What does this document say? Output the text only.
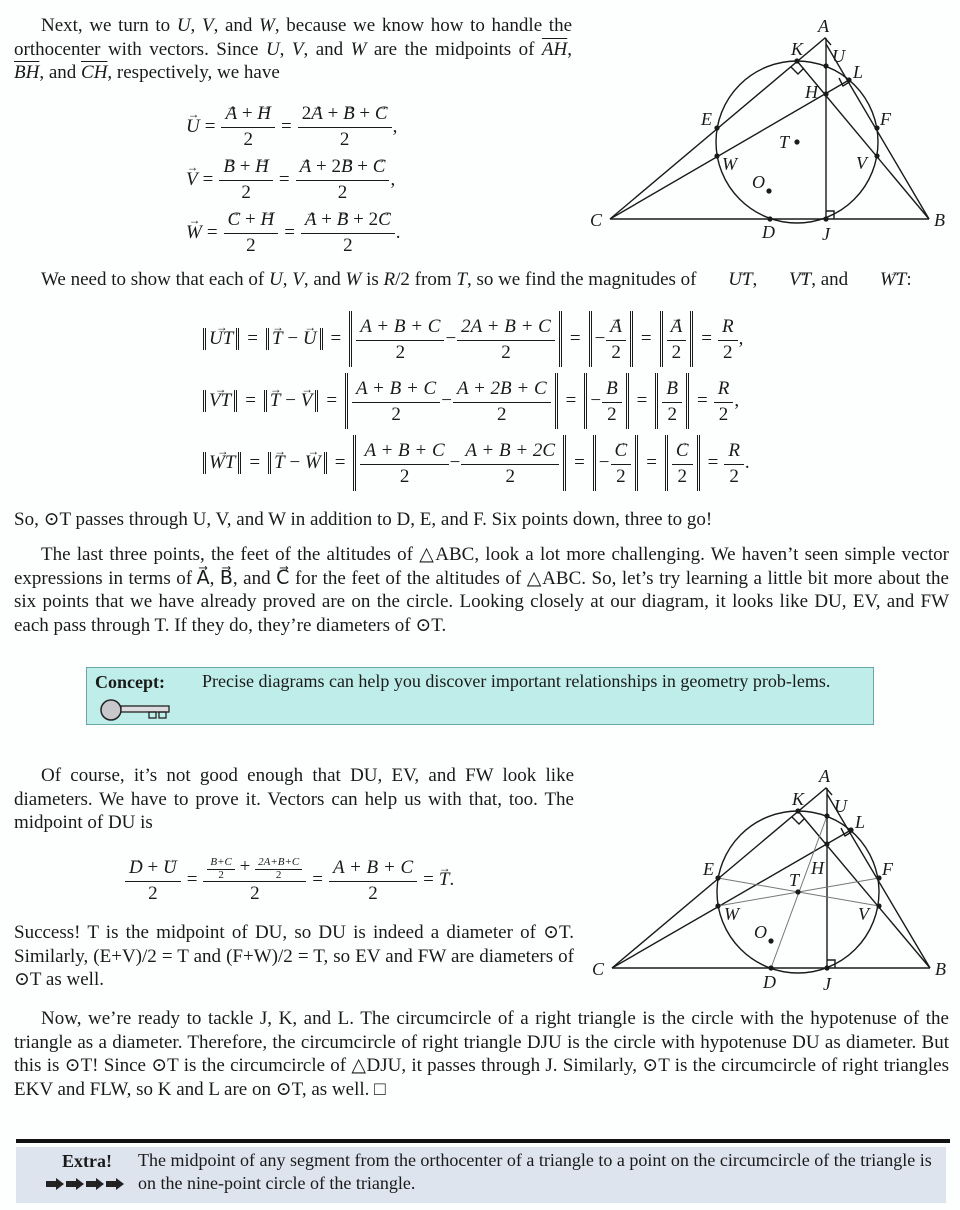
Next, we turn to U, V, and W, because we know how to handle the orthocenter with vectors. Since U, V, and W are the midpoints of $\overline{AH}$, $\overline{BH}$, and $\overline{CH}$, respectively, we have
→ U = → $\frac{A + \to H}{2} = \frac{2\to A + \to B + \to C}{2}$ ,
→ V = → $\frac{B + \to H}{2}$ = → $\frac{A + 2\to B + \to C}{2}$ ,
→ W = → $\frac{C + \to H}{2}$ = → $\frac{A + \to B + 2\to C}{2}$ .
A
B
C
D
E	F
H
J
K
L
O
T
U
V
W
We need to show that each of U, V, and W is R/2 from T, so we find the magnitudes of → UT, → VT, and → WT:
→ UT = → T − → $U = \frac{A + B + C}{2} - \frac{2A + B + C}{2}$ = − → $\frac{A}{2}$ = → $\frac{A}{2} = \frac{R}{2}$ ,
→ VT = → T − → $V = \frac{A + B + C}{2} - \frac{A + 2B + C}{2}$ = − → $\frac{B}{2}$ = → $\frac{B}{2} = \frac{R}{2}$ ,
→ WT = → T − → $W = \frac{A + B + C}{2} - \frac{A + B + 2C}{2}$ = − → $\frac{C}{2}$ = → $\frac{C}{2} = \frac{R}{2}$ .

So, ⊙T passes through U, V, and W in addition to D, E, and F. Six points down, three to go!

The last three points, the feet of the altitudes of △ABC, look a lot more challenging. We haven’t seen simple vector expressions in terms of A⃗, B⃗, and C⃗ for the feet of the altitudes of △ABC. So, let’s try learning a little bit more about the six points that we have already proved are on the circle. Looking closely at our diagram, it looks like DU, EV, and FW each pass through T. If they do, they’re diameters of ⊙T.

Concept: Precise diagrams can help you discover important relationships in geometry prob-lems.

Of course, it’s not good enough that DU, EV, and FW look like diameters. We have to prove it. Vectors can help us with that, too. The midpoint of DU is

→ $\frac{D + \to U}{2} = \frac{\frac{B+C}{2} + \frac{2A+B+C}{2}}{2} = \frac{A + B + C}{2}$ = → T .

Success! T is the midpoint of DU, so DU is indeed a diameter of ⊙T. Similarly, (E+V)/2 = T and (F+W)/2 = T, so EV and FW are diameters of ⊙T as well.

A
B
C
D
E	F
H
J
K
L
O
T
U
V
W

Now, we’re ready to tackle J, K, and L. The circumcircle of a right triangle is the circle with the hypotenuse of the triangle as a diameter. Therefore, the circumcircle of right triangle DJU is the circle with hypotenuse DU as diameter. But this is ⊙T! Since ⊙T is the circumcircle of △DJU, it passes through J. Similarly, ⊙T is the circumcircle of right triangles EKV and FLW, so K and L are on ⊙T, as well. □

Extra! The midpoint of any segment from the orthocenter of a triangle to a point on the circumcircle of the triangle is on the nine-point circle of the triangle.
